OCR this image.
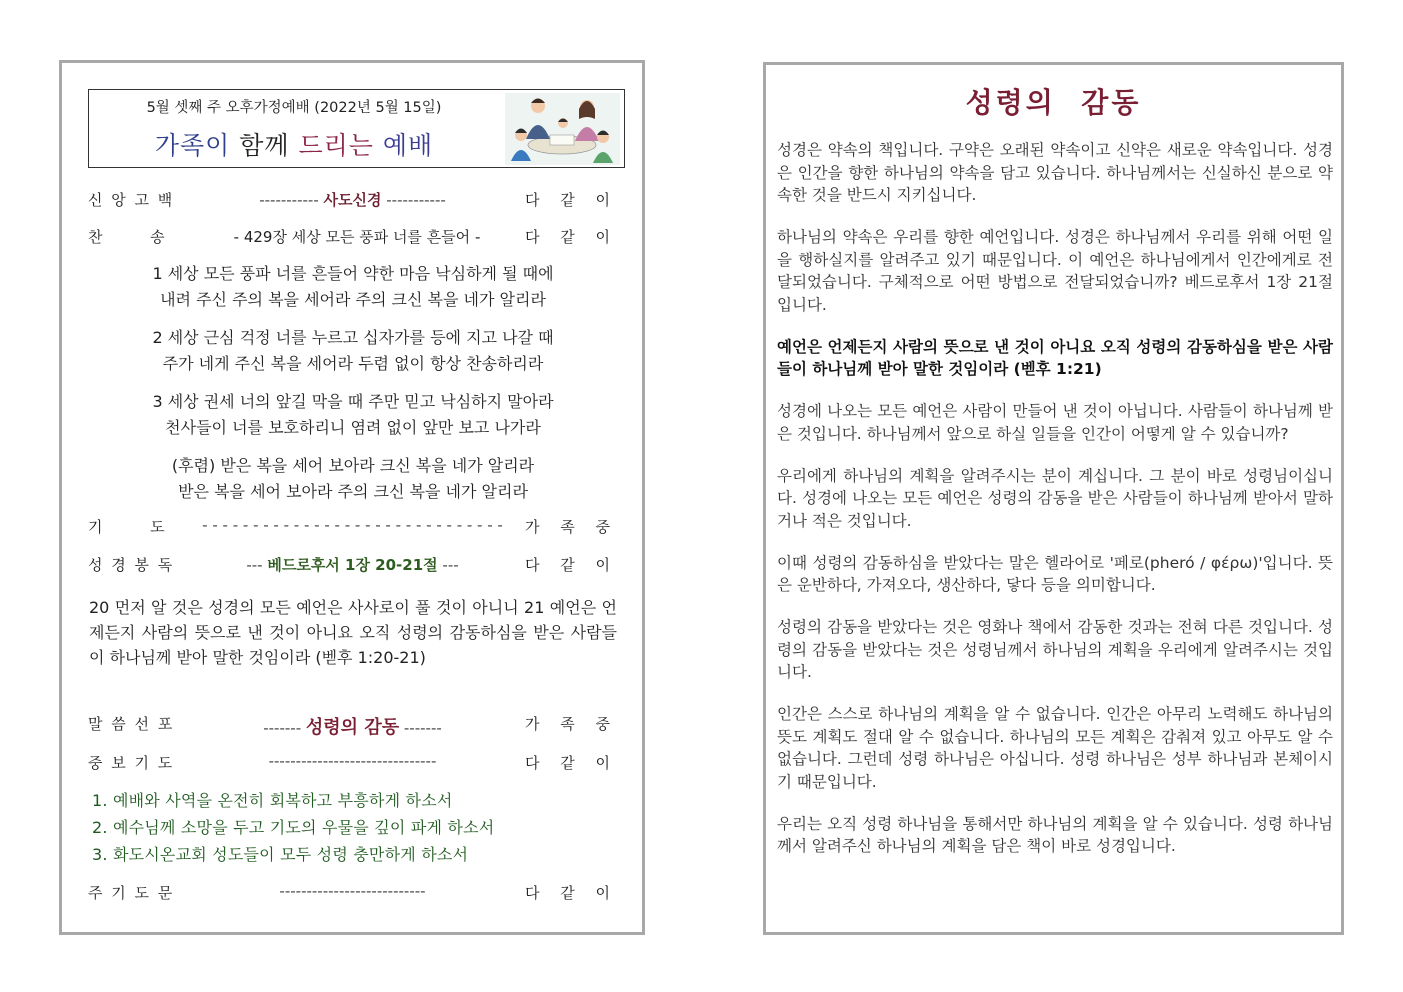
5월 셋째 주 오후가정예배 (2022년 5월 15일)
가족이 함께 드리는 예배
신 앙 고 백	----------- 사도신경 -----------	다 같 이
찬          송	- 429장 세상 모든 풍파 너를 흔들어 -	다 같 이
1 세상 모든 풍파 너를 흔들어 약한 마음 낙심하게 될 때에
내려 주신 주의 복을 세어라 주의 크신 복을 네가 알리라
2 세상 근심 걱정 너를 누르고 십자가를 등에 지고 나갈 때
주가 네게 주신 복을 세어라 두렴 없이 항상 찬송하리라
3 세상 권세 너의 앞길 막을 때 주만 믿고 낙심하지 말아라
천사들이 너를 보호하리니 염려 없이 앞만 보고 나가라
(후렴) 받은 복을 세어 보아라 크신 복을 네가 알리라
받은 복을 세어 보아라 주의 크신 복을 네가 알리라
기          도	- - - - - - - - - - - - - - - - - - - - - - - - - - - - - - 가 족 중
성 경 봉 독	--- 베드로후서 1장 20-21절 ---	다 같 이
20 먼저 알 것은 성경의 모든 예언은 사사로이 풀 것이 아니니 21 예언은 언제든지 사람의 뜻으로 낸 것이 아니요 오직 성령의 감동하심을 받은 사람들이 하나님께 받아 말한 것임이라 (벧후 1:20-21)
말 씀 선 포	------- 성령의 감동 -------	가 족 중
중 보 기 도	-------------------------------	다 같 이
1. 예배와 사역을 온전히 회복하고 부흥하게 하소서
2. 예수님께 소망을 두고 기도의 우물을 깊이 파게 하소서
3. 화도시온교회 성도들이 모두 성령 충만하게 하소서
주 기 도 문	---------------------------	다 같 이
성령의  감동

성경은 약속의 책입니다. 구약은 오래된 약속이고 신약은 새로운 약속입니다. 성경은 인간을 향한 하나님의 약속을 담고 있습니다. 하나님께서는 신실하신 분으로 약속한 것을 반드시 지키십니다.

하나님의 약속은 우리를 향한 예언입니다. 성경은 하나님께서 우리를 위해 어떤 일을 행하실지를 알려주고 있기 때문입니다. 이 예언은 하나님에게서 인간에게로 전달되었습니다. 구체적으로 어떤 방법으로 전달되었습니까? 베드로후서 1장 21절입니다.

예언은 언제든지 사람의 뜻으로 낸 것이 아니요 오직 성령의 감동하심을 받은 사람들이 하나님께 받아 말한 것임이라 (벧후 1:21)

성경에 나오는 모든 예언은 사람이 만들어 낸 것이 아닙니다. 사람들이 하나님께 받은 것입니다. 하나님께서 앞으로 하실 일들을 인간이 어떻게 알 수 있습니까?

우리에게 하나님의 계획을 알려주시는 분이 계십니다. 그 분이 바로 성령님이십니다. 성경에 나오는 모든 예언은 성령의 감동을 받은 사람들이 하나님께 받아서 말하거나 적은 것입니다.

이때 성령의 감동하심을 받았다는 말은 헬라어로 '페로(pheró / φέρω)'입니다. 뜻은 운반하다, 가져오다, 생산하다, 닿다 등을 의미합니다.

성령의 감동을 받았다는 것은 영화나 책에서 감동한 것과는 전혀 다른 것입니다. 성령의 감동을 받았다는 것은 성령님께서 하나님의 계획을 우리에게 알려주시는 것입니다.

인간은 스스로 하나님의 계획을 알 수 없습니다. 인간은 아무리 노력해도 하나님의 뜻도 계획도 절대 알 수 없습니다. 하나님의 모든 계획은 감춰져 있고 아무도 알 수 없습니다. 그런데 성령 하나님은 아십니다. 성령 하나님은 성부 하나님과 본체이시기 때문입니다.

우리는 오직 성령 하나님을 통해서만 하나님의 계획을 알 수 있습니다. 성령 하나님께서 알려주신 하나님의 계획을 담은 책이 바로 성경입니다.
